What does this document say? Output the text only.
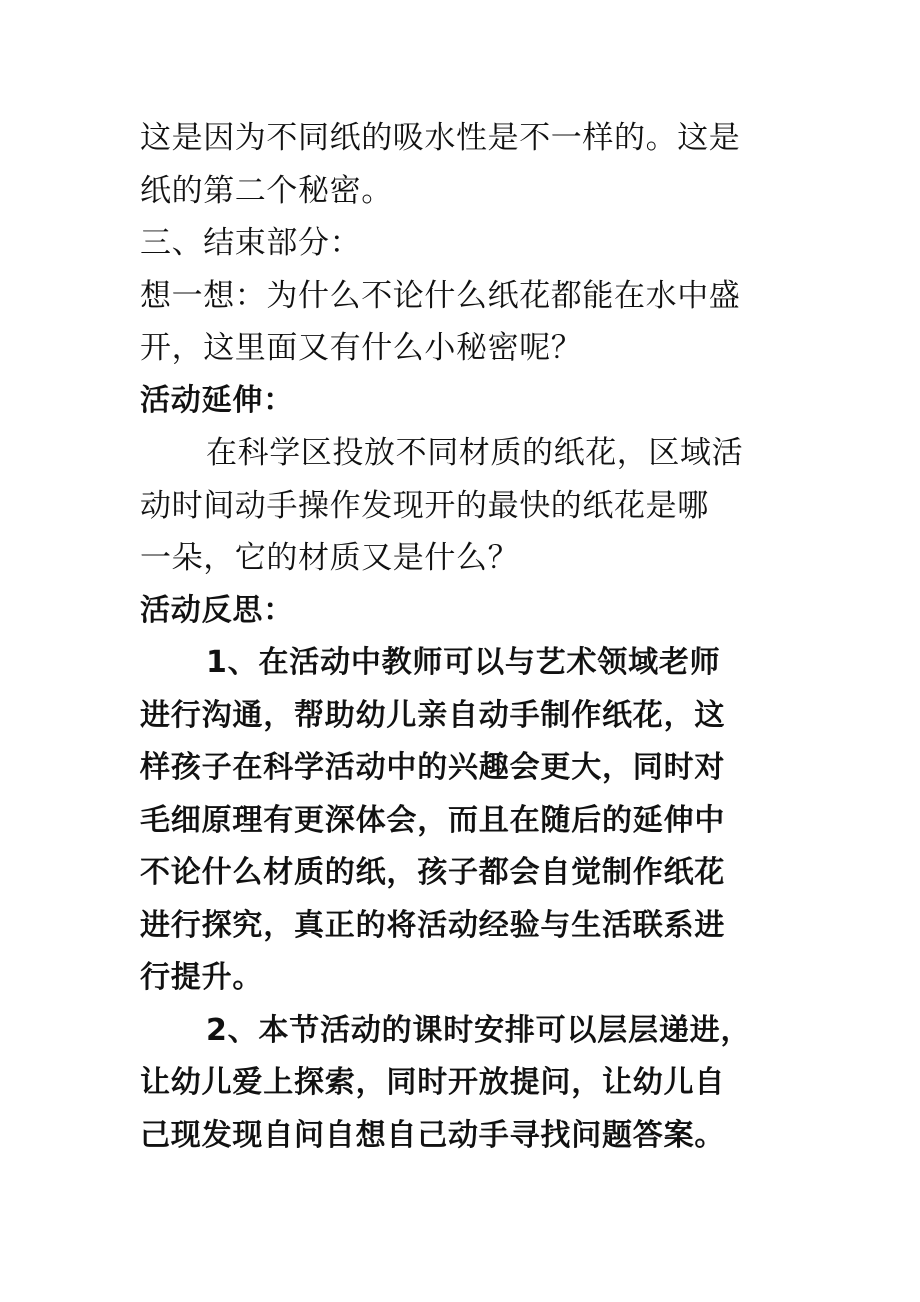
这是因为不同纸的吸水性是不一样的。这是
纸的第二个秘密。
三、结束部分：
想一想：为什么不论什么纸花都能在水中盛
开，这里面又有什么小秘密呢？
活动延伸：
在科学区投放不同材质的纸花，区域活
动时间动手操作发现开的最快的纸花是哪
一朵，它的材质又是什么？
活动反思：
1、在活动中教师可以与艺术领域老师
进行沟通，帮助幼儿亲自动手制作纸花，这
样孩子在科学活动中的兴趣会更大，同时对
毛细原理有更深体会，而且在随后的延伸中
不论什么材质的纸，孩子都会自觉制作纸花
进行探究，真正的将活动经验与生活联系进
行提升。
2、本节活动的课时安排可以层层递进，
让幼儿爱上探索，同时开放提问，让幼儿自
己现发现自问自想自己动手寻找问题答案。
